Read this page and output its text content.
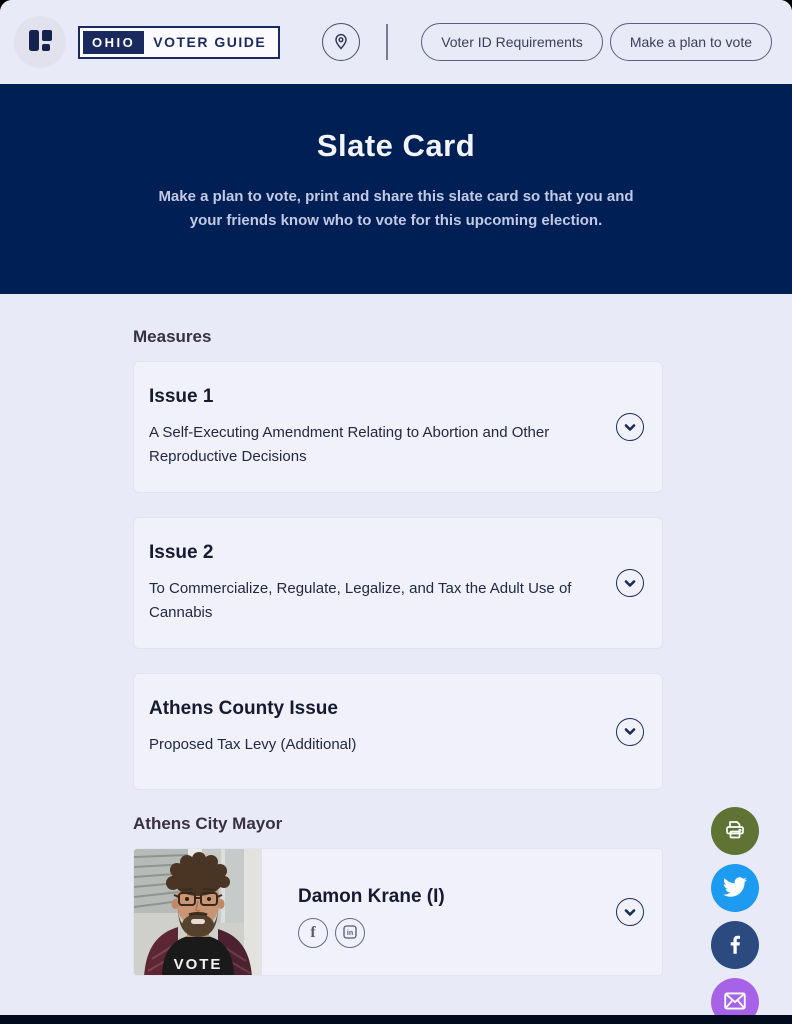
OHIO	VOTER GUIDE	Voter ID Requirements	Make a plan to vote
Slate Card
Make a plan to vote, print and share this slate card so that you and your friends know who to vote for this upcoming election.
Measures
Issue 1
A Self-Executing Amendment Relating to Abortion and Other Reproductive Decisions
Issue 2
To Commercialize, Regulate, Legalize, and Tax the Adult Use of Cannabis
Athens County Issue
Proposed Tax Levy (Additional)
Athens City Mayor
VOTE
Damon Krane (I)
f	in
